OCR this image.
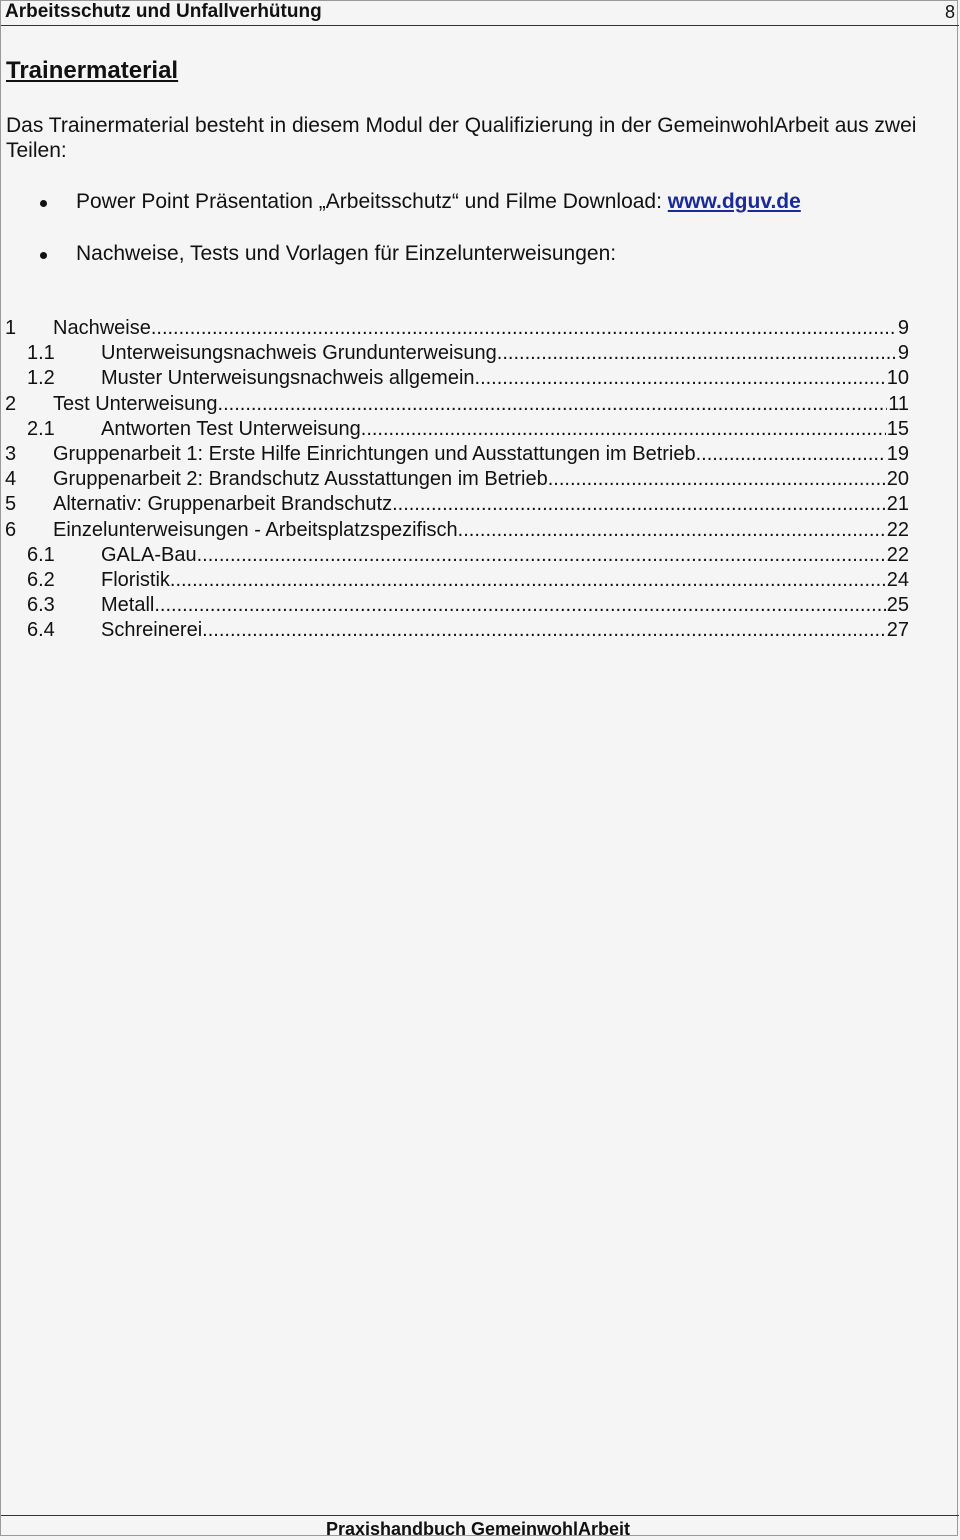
Arbeitsschutz und Unfallverhütung	8
Trainermaterial

Das Trainermaterial besteht in diesem Modul der Qualifizierung in der GemeinwohlArbeit aus zwei Teilen:

Power Point Präsentation „Arbeitsschutz“ und Filme Download: www.dguv.de
Nachweise, Tests und Vorlagen für Einzelunterweisungen:
1 Nachweise .....	9
1.1 Unterweisungsnachweis Grundunterweisung .....	9
1.2 Muster Unterweisungsnachweis allgemein .....	10
2 Test Unterweisung .....	11
2.1 Antworten Test Unterweisung .....	15
3 Gruppenarbeit 1: Erste Hilfe Einrichtungen und Ausstattungen im Betrieb .....	19
4 Gruppenarbeit 2: Brandschutz Ausstattungen im Betrieb .....	20
5 Alternativ: Gruppenarbeit Brandschutz .....	21
6 Einzelunterweisungen - Arbeitsplatzspezifisch .....	22
6.1 GALA-Bau .....	22
6.2 Floristik .....	24
6.3 Metall .....	25
6.4 Schreinerei .....	27
Praxishandbuch GemeinwohlArbeit
